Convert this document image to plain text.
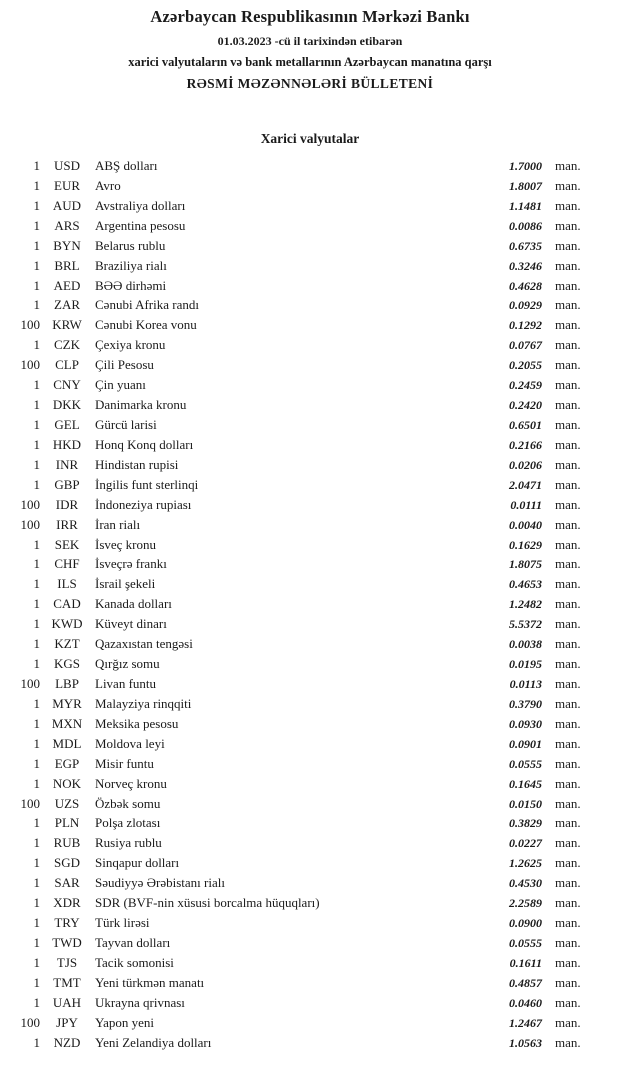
Azərbaycan Respublikasının Mərkəzi Bankı
01.03.2023 -cü il tarixindən etibarən
xarici valyutaların və bank metallarının Azərbaycan manatına qarşı
RƏSMİ MƏZƏNNƏLƏRİ BÜLLETENİ
Xarici valyutalar
1	USD	ABŞ dolları	1.7000	man.
1	EUR	Avro	1.8007	man.
1 AUD	Avstraliya dolları	1.1481	man.
1	ARS	Argentina pesosu	0.0086	man.
1	BYN	Belarus rublu	0.6735	man.
1	BRL	Braziliya rialı	0.3246	man.
1	AED	BƏƏ dirhəmi	0.4628	man.
1	ZAR	Cənubi Afrika randı	0.0929	man.
100 KRW	Cənubi Korea vonu	0.1292	man.
1	CZK	Çexiya kronu	0.0767	man.
100	CLP	Çili Pesosu	0.2055	man.
1	CNY	Çin yuanı	0.2459	man.
1 DKK	Danimarka kronu	0.2420	man.
1	GEL	Gürcü larisi	0.6501	man.
1 HKD	Honq Konq dolları	0.2166	man.
1	INR	Hindistan rupisi	0.0206	man.
1	GBP	İngilis funt sterlinqi	2.0471	man.
100	IDR	İndoneziya rupiası	0.0111	man.
100	IRR	İran rialı	0.0040	man.
1	SEK	İsveç kronu	0.1629	man.
1	CHF	İsveçrə frankı	1.8075	man.
1	ILS	İsrail şekeli	0.4653	man.
1	CAD	Kanada dolları	1.2482	man.
1 KWD Küveyt dinarı	5.5372	man.
1	KZT	Qazaxıstan tengəsi	0.0038	man.
1	KGS	Qırğız somu	0.0195	man.
100	LBP	Livan funtu	0.0113	man.
1 MYR	Malayziya rinqqiti	0.3790	man.
1 MXN Meksika pesosu	0.0930	man.
1 MDL	Moldova leyi	0.0901	man.
1	EGP	Misir funtu	0.0555	man.
1 NOK	Norveç kronu	0.1645	man.
100	UZS	Özbək somu	0.0150	man.
1	PLN	Polşa zlotası	0.3829	man.
1	RUB	Rusiya rublu	0.0227	man.
1	SGD	Sinqapur dolları	1.2625	man.
1	SAR	Səudiyyə Ərəbistanı rialı	0.4530	man.
1	XDR	SDR (BVF-nin xüsusi borcalma hüquqları)	2.2589	man.
1	TRY	Türk lirəsi	0.0900	man.
1 TWD	Tayvan dolları	0.0555	man.
1	TJS	Tacik somonisi	0.1611	man.
1	TMT	Yeni türkmən manatı	0.4857	man.
1 UAH	Ukrayna qrivnası	0.0460	man.
100	JPY	Yapon yeni	1.2467	man.
1	NZD	Yeni Zelandiya dolları	1.0563	man.
